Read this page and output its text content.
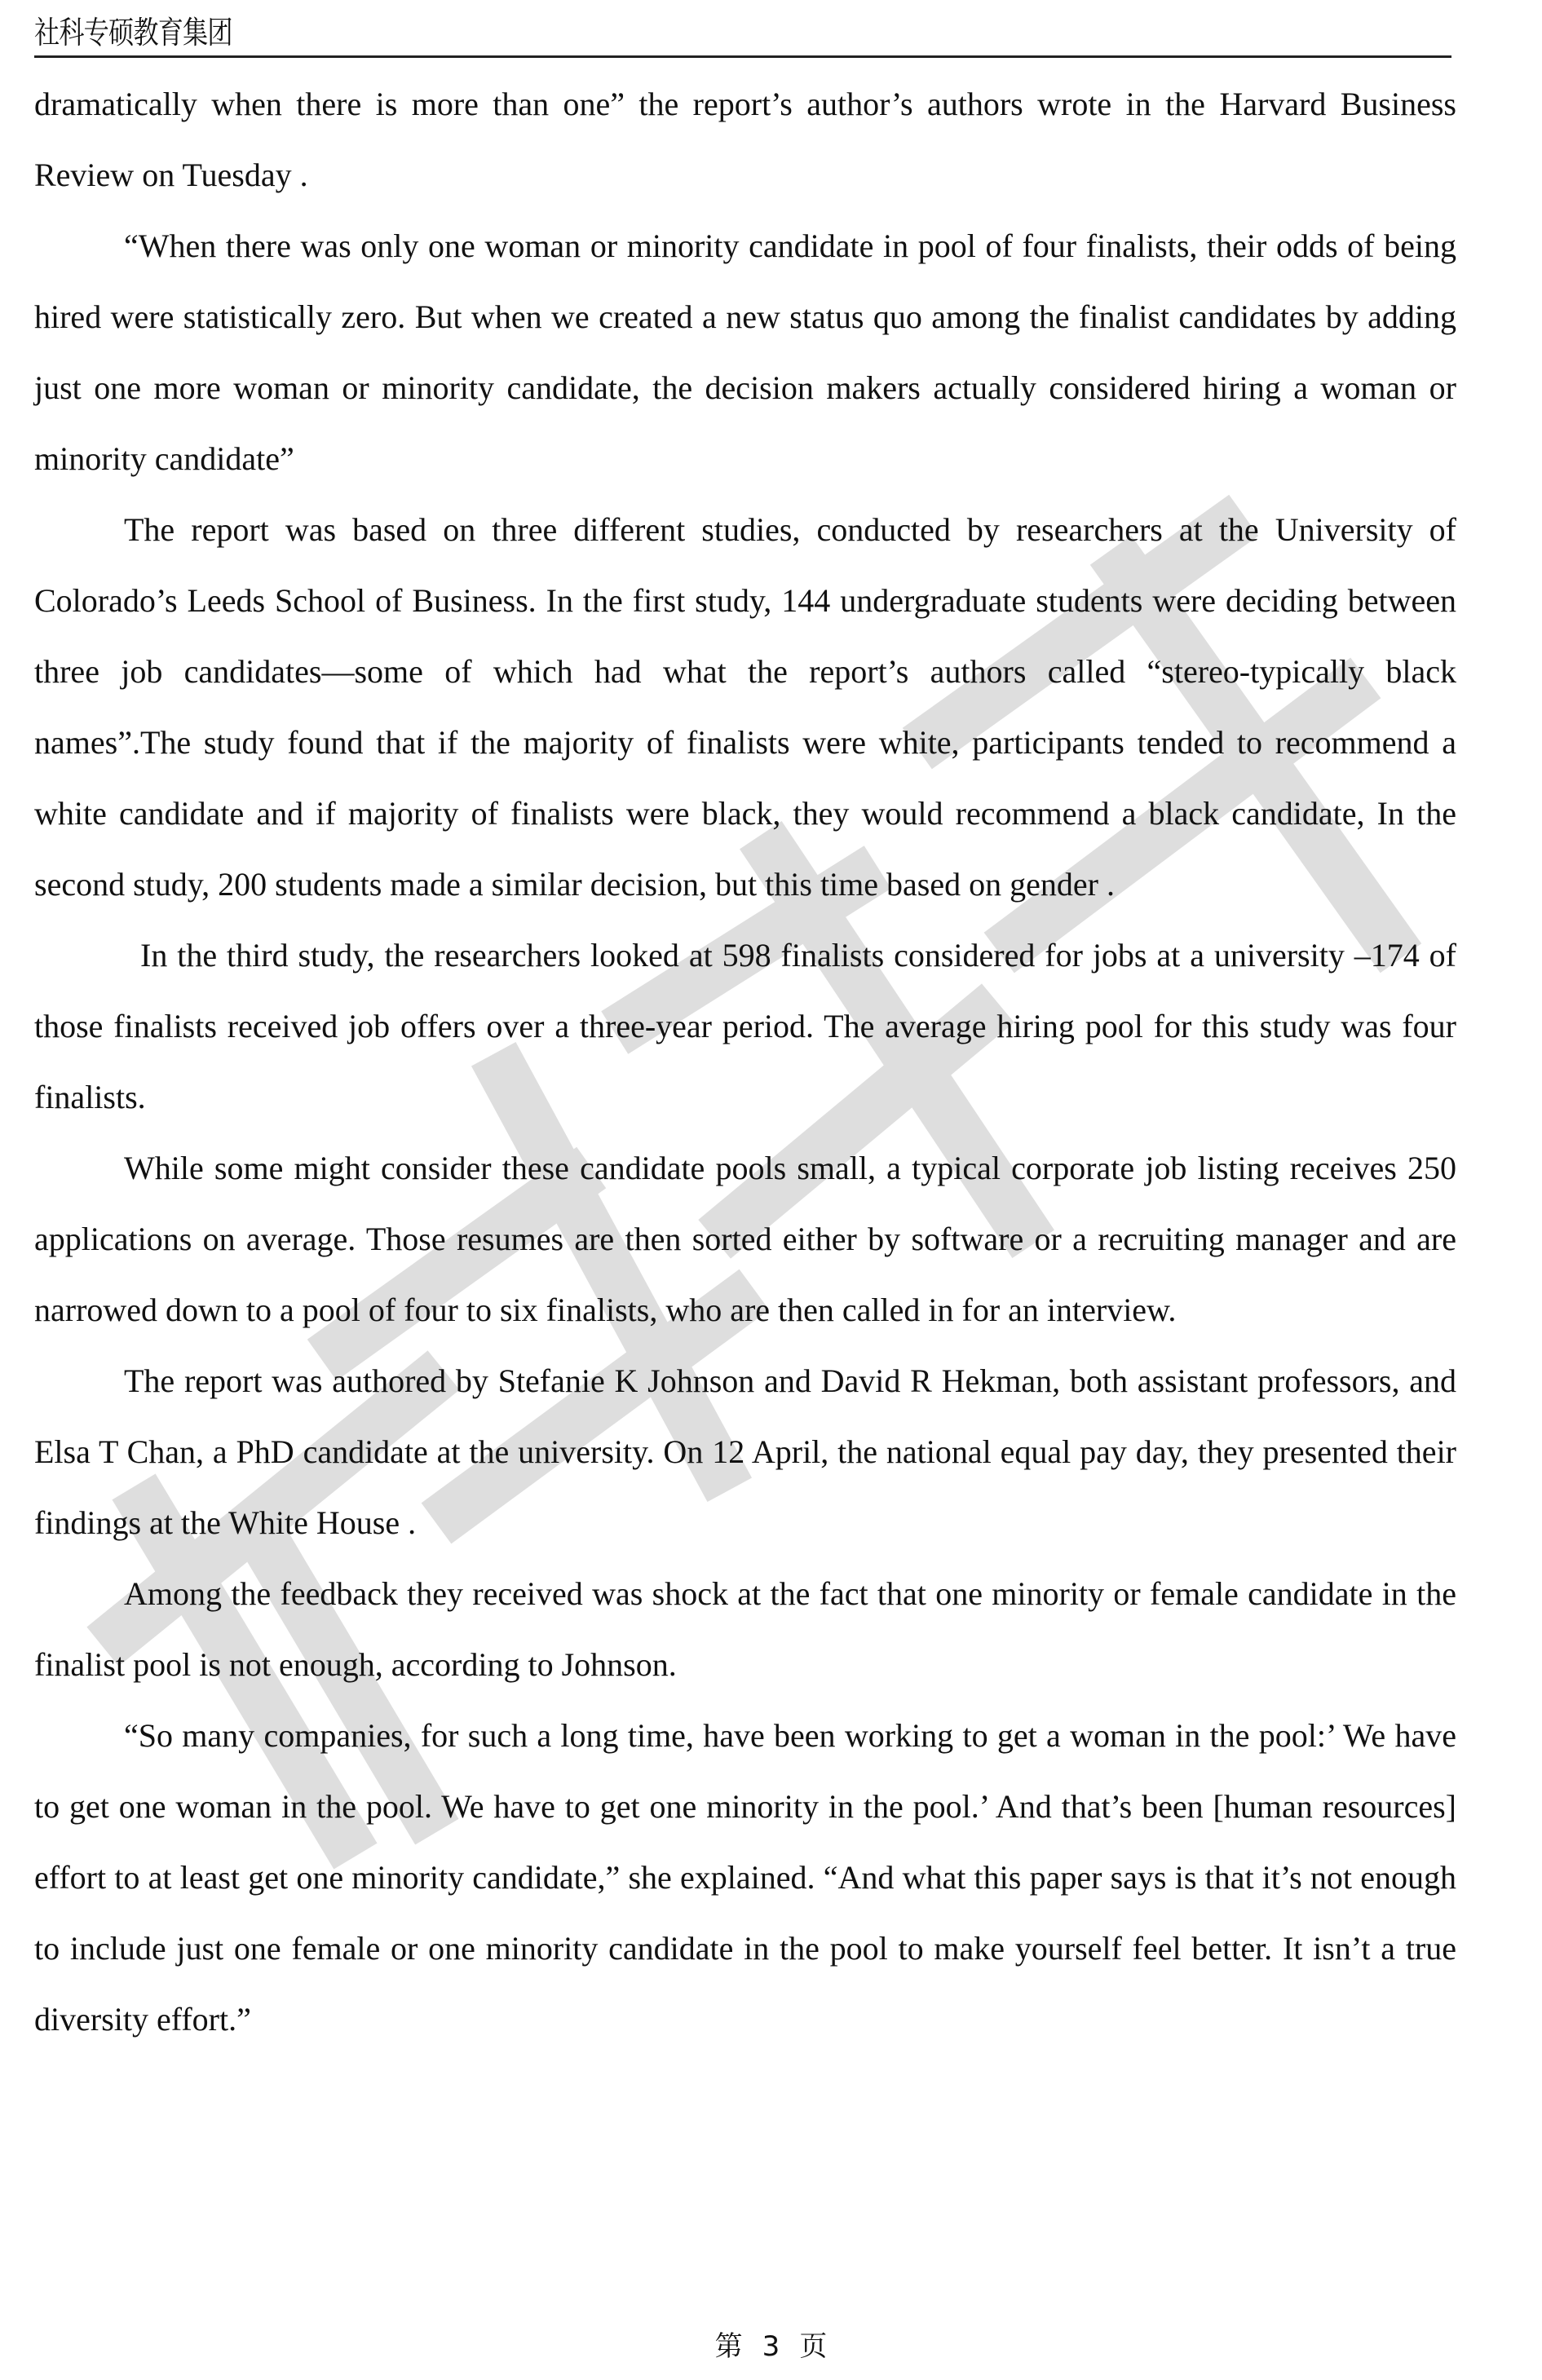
社科专硕教育集团

dramatically when there is more than one” the report’s author’s authors wrote in the Harvard Business Review on Tuesday .

“When there was only one woman or minority candidate in pool of four finalists, their odds of being hired were statistically zero. But when we created a new status quo among the finalist candidates by adding just one more woman or minority candidate, the decision makers actually considered hiring a woman or minority candidate”

The report was based on three different studies, conducted by researchers at the University of Colorado’s Leeds School of Business. In the first study, 144 undergraduate students were deciding between three job candidates—some of which had what the report’s authors called “stereo-typically black names”.The study found that if the majority of finalists were white, participants tended to recommend a white candidate and if majority of finalists were black, they would recommend a black candidate, In the second study, 200 students made a similar decision, but this time based on gender .

In the third study, the researchers looked at 598 finalists considered for jobs at a university –174 of those finalists received job offers over a three-year period. The average hiring pool for this study was four finalists.

While some might consider these candidate pools small, a typical corporate job listing receives 250 applications on average. Those resumes are then sorted either by software or a recruiting manager and are narrowed down to a pool of four to six finalists, who are then called in for an interview.

The report was authored by Stefanie K Johnson and David R Hekman, both assistant professors, and Elsa T Chan, a PhD candidate at the university. On 12 April, the national equal pay day, they presented their findings at the White House .

Among the feedback they received was shock at the fact that one minority or female candidate in the finalist pool is not enough, according to Johnson.

“So many companies, for such a long time, have been working to get a woman in the pool:’ We have to get one woman in the pool. We have to get one minority in the pool.’ And that’s been [human resources] effort to at least get one minority candidate,” she explained. “And what this paper says is that it’s not enough to include just one female or one minority candidate in the pool to make yourself feel better. It isn’t a true diversity effort.”

第 3 页
